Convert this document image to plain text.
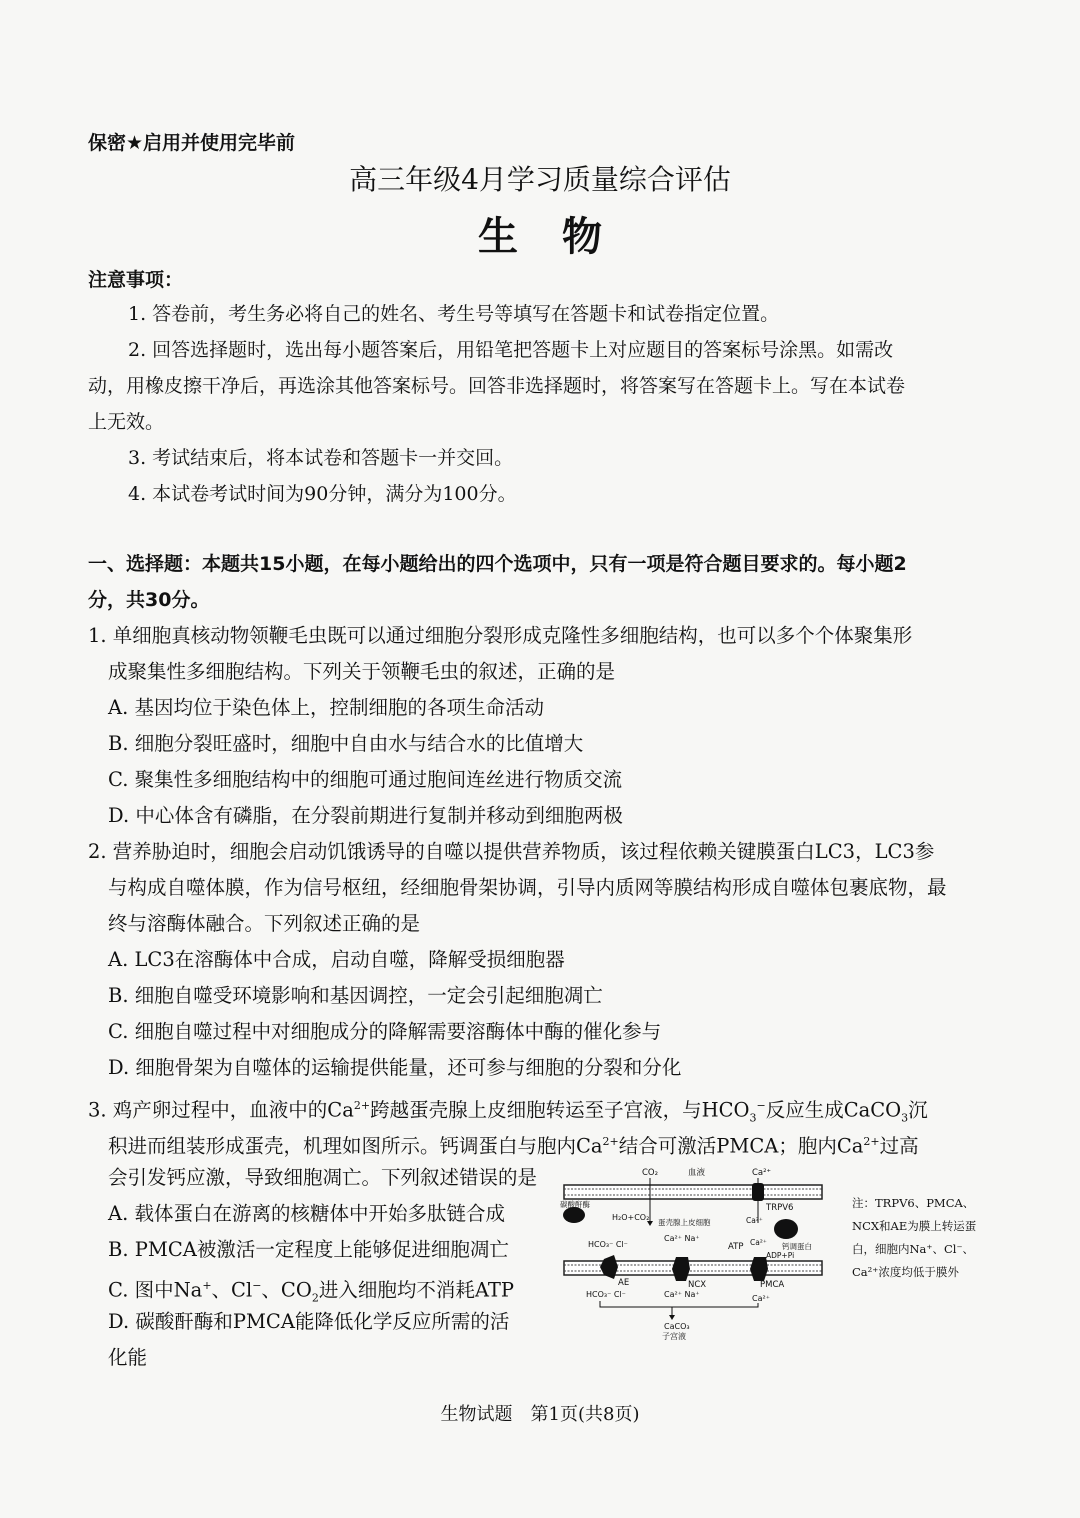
保密★启用并使用完毕前
高三年级4月学习质量综合评估
生物
注意事项：
1. 答卷前，考生务必将自己的姓名、考生号等填写在答题卡和试卷指定位置。
2. 回答选择题时，选出每小题答案后，用铅笔把答题卡上对应题目的答案标号涂黑。如需改
动，用橡皮擦干净后，再选涂其他答案标号。回答非选择题时，将答案写在答题卡上。写在本试卷
上无效。
3. 考试结束后，将本试卷和答题卡一并交回。
4. 本试卷考试时间为90分钟，满分为100分。
一、选择题：本题共15小题，在每小题给出的四个选项中，只有一项是符合题目要求的。每小题2
分，共30分。
1. 单细胞真核动物领鞭毛虫既可以通过细胞分裂形成克隆性多细胞结构，也可以多个个体聚集形
成聚集性多细胞结构。下列关于领鞭毛虫的叙述，正确的是
A. 基因均位于染色体上，控制细胞的各项生命活动
B. 细胞分裂旺盛时，细胞中自由水与结合水的比值增大
C. 聚集性多细胞结构中的细胞可通过胞间连丝进行物质交流
D. 中心体含有磷脂，在分裂前期进行复制并移动到细胞两极
2. 营养胁迫时，细胞会启动饥饿诱导的自噬以提供营养物质，该过程依赖关键膜蛋白LC3，LC3参
与构成自噬体膜，作为信号枢纽，经细胞骨架协调，引导内质网等膜结构形成自噬体包裹底物，最
终与溶酶体融合。下列叙述正确的是
A. LC3在溶酶体中合成，启动自噬，降解受损细胞器
B. 细胞自噬受环境影响和基因调控，一定会引起细胞凋亡
C. 细胞自噬过程中对细胞成分的降解需要溶酶体中酶的催化参与
D. 细胞骨架为自噬体的运输提供能量，还可参与细胞的分裂和分化
3. 鸡产卵过程中，血液中的$Ca^{2+}$跨越蛋壳腺上皮细胞转运至子宫液，与$HCO_3^-$反应生成CaCO$_3$沉
积进而组装形成蛋壳，机理如图所示。钙调蛋白与胞内$Ca^{2+}$结合可激活PMCA；胞内$Ca^{2+}$过高
会引发钙应激，导致细胞凋亡。下列叙述错误的是
A. 载体蛋白在游离的核糖体中开始多肽链合成
B. PMCA被激活一定程度上能够促进细胞凋亡
C. 图中Na+、Cl−、$CO_2$进入细胞均不消耗ATP
D. 碳酸酐酶和PMCA能降低化学反应所需的活
化能
CO₂	血液	Ca²⁺
TRPV6
碳酸酐酶
H₂O+CO₂
蛋壳腺上皮细胞	Ca²⁺
钙调蛋白
ATP Ca²⁺
ADP+Pi
HCO₃⁻ Cl⁻
Ca²⁺ Na⁺
AE	NCX	PMCA
HCO₃⁻ Cl⁻	Ca²⁺ Na⁺	Ca²⁺
CaCO₃
子宫液
注：TRPV6、PMCA、NCX和AE为膜上转运蛋白，细胞内Na⁺、Cl⁻、Ca²⁺浓度均低于膜外
生物试题　第1页(共8页)
